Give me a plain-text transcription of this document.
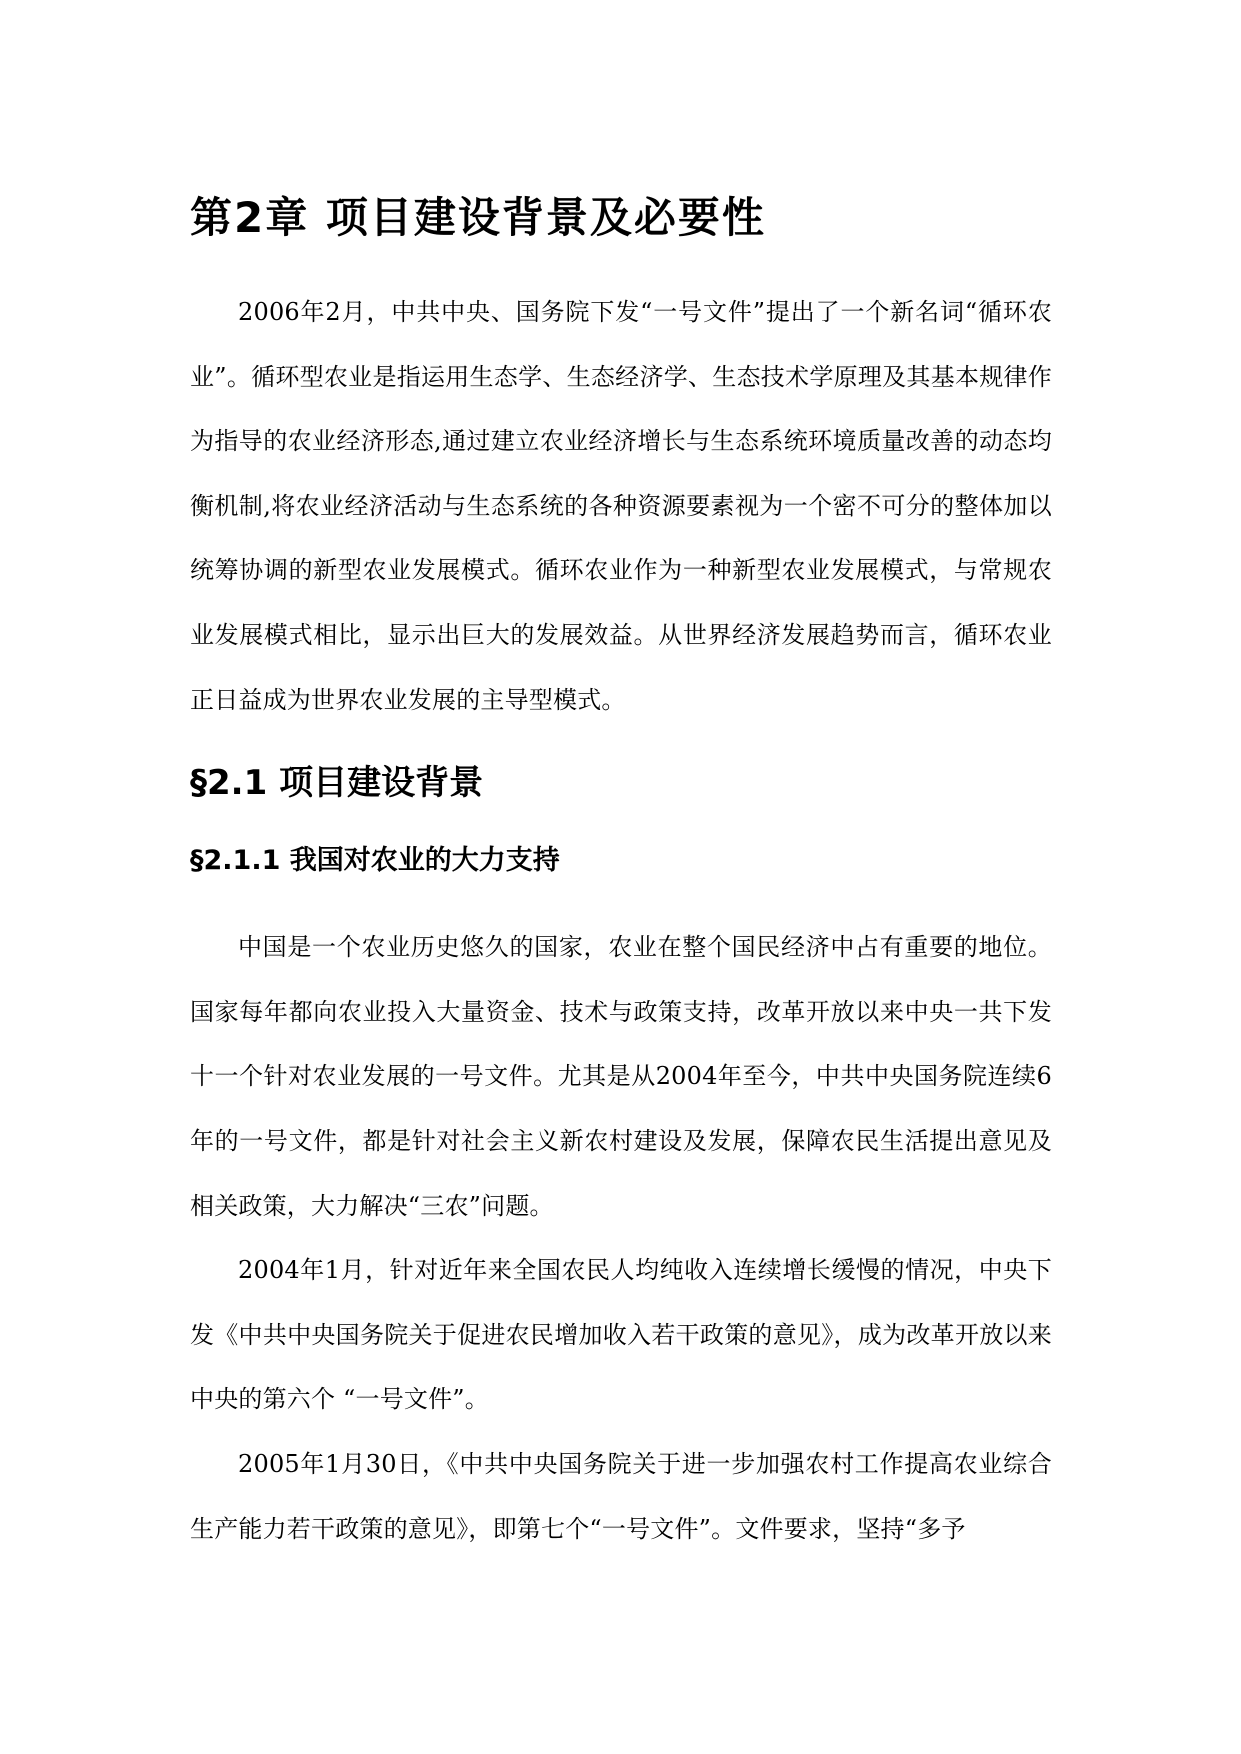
第2章 项目建设背景及必要性

2006年2月，中共中央、国务院下发“一号文件”提出了一个新名词“循环农业”。循环型农业是指运用生态学、生态经济学、生态技术学原理及其基本规律作为指导的农业经济形态,通过建立农业经济增长与生态系统环境质量改善的动态均衡机制,将农业经济活动与生态系统的各种资源要素视为一个密不可分的整体加以统筹协调的新型农业发展模式。循环农业作为一种新型农业发展模式，与常规农业发展模式相比，显示出巨大的发展效益。从世界经济发展趋势而言，循环农业正日益成为世界农业发展的主导型模式。

§2.1 项目建设背景
§2.1.1 我国对农业的大力支持

中国是一个农业历史悠久的国家，农业在整个国民经济中占有重要的地位。国家每年都向农业投入大量资金、技术与政策支持，改革开放以来中央一共下发十一个针对农业发展的一号文件。尤其是从2004年至今，中共中央国务院连续6年的一号文件，都是针对社会主义新农村建设及发展，保障农民生活提出意见及相关政策，大力解决“三农”问题。

2004年1月，针对近年来全国农民人均纯收入连续增长缓慢的情况，中央下发《中共中央国务院关于促进农民增加收入若干政策的意见》，成为改革开放以来中央的第六个 “一号文件”。

2005年1月30日，《中共中央国务院关于进一步加强农村工作提高农业综合生产能力若干政策的意见》，即第七个“一号文件”。文件要求，坚持“多予
